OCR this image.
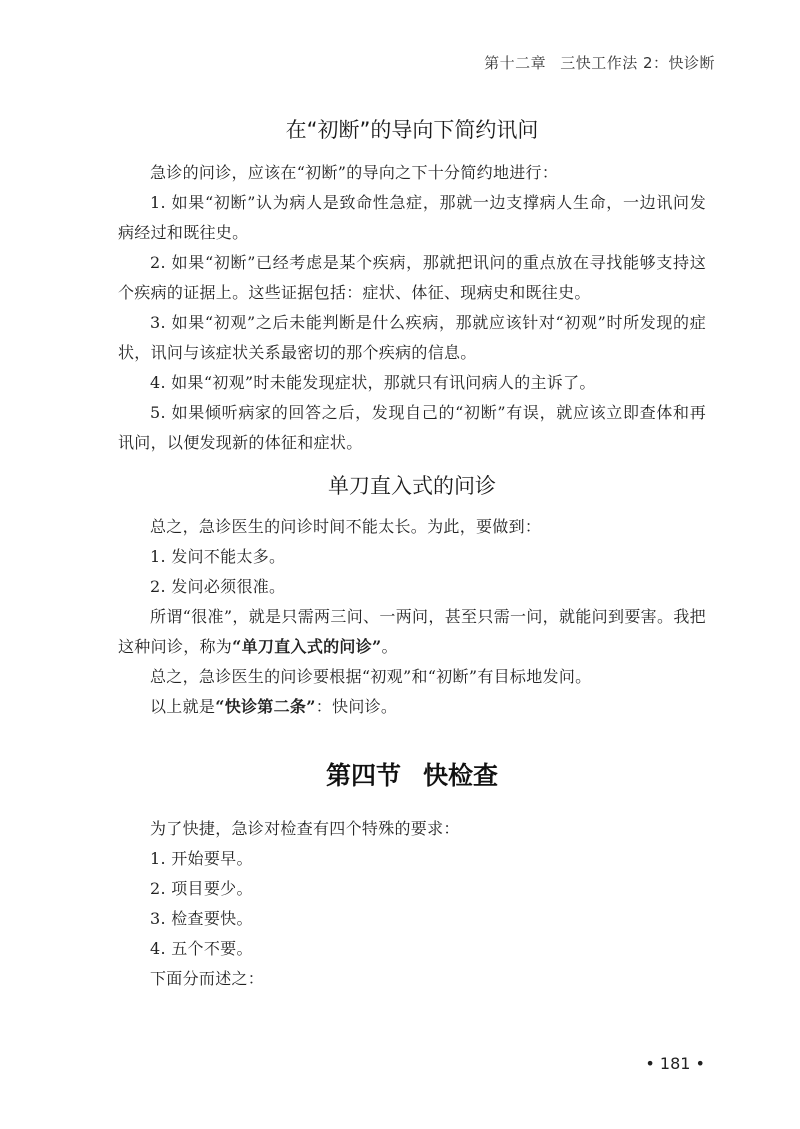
第十二章 三快工作法 2：快诊断
在“初断”的导向下简约讯问

急诊的问诊，应该在“初断”的导向之下十分简约地进行：

1. 如果“初断”认为病人是致命性急症，那就一边支撑病人生命，一边讯问发病经过和既往史。

2. 如果“初断”已经考虑是某个疾病，那就把讯问的重点放在寻找能够支持这个疾病的证据上。这些证据包括：症状、体征、现病史和既往史。

3. 如果“初观”之后未能判断是什么疾病，那就应该针对“初观”时所发现的症状，讯问与该症状关系最密切的那个疾病的信息。

4. 如果“初观”时未能发现症状，那就只有讯问病人的主诉了。

5. 如果倾听病家的回答之后，发现自己的“初断”有误，就应该立即查体和再讯问，以便发现新的体征和症状。

单刀直入式的问诊

总之，急诊医生的问诊时间不能太长。为此，要做到：

1. 发问不能太多。

2. 发问必须很准。

所谓“很准”，就是只需两三问、一两问，甚至只需一问，就能问到要害。我把这种问诊，称为“单刀直入式的问诊”。

总之，急诊医生的问诊要根据“初观”和“初断”有目标地发问。

以上就是“快诊第二条”：快问诊。

第四节 快检查

为了快捷，急诊对检查有四个特殊的要求：

1. 开始要早。

2. 项目要少。

3. 检查要快。

4. 五个不要。

下面分而述之：

• 181 •
